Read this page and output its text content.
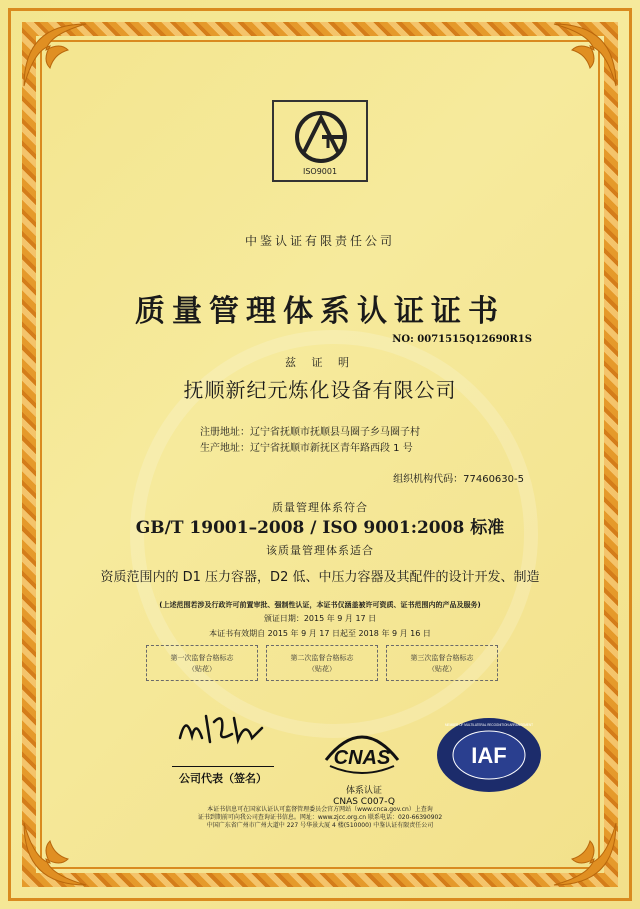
ISO9001
中鉴认证有限责任公司
质量管理体系认证证书
NO: 0071515Q12690R1S
兹 证 明
抚顺新纪元炼化设备有限公司
注册地址：辽宁省抚顺市抚顺县马圈子乡马圈子村
生产地址：辽宁省抚顺市新抚区青年路西段 1 号
组织机构代码：77460630-5
质量管理体系符合
GB/T 19001–2008 / ISO 9001:2008 标准
该质量管理体系适合
资质范围内的 D1 压力容器，D2 低、中压力容器及其配件的设计开发、制造
(上述范围若涉及行政许可前置审批、强制性认证，本证书仅涵盖被许可资质、证书范围内的产品及服务)
颁证日期：2015 年 9 月 17 日
本证书有效期自 2015 年 9 月 17 日起至 2018 年 9 月 16 日
第一次监督合格标志
（贴花）
第二次监督合格标志
（贴花）
第三次监督合格标志
（贴花）
公司代表（签名）
CNAS	IAF
MEMBER OF MULTILATERAL RECOGNITION ARRANGEMENT
体系认证
CNAS C007-Q
本证书信息可在国家认证认可监督管理委员会官方网站（www.cnca.gov.cn）上查询
证书到期前可向我公司查询证书信息。网址：www.zjcc.org.cn 联系电话：020-66390902
中国广东省广州市广州大道中 227 号华景大厦 4 楼(510000) 中鉴认证有限责任公司
